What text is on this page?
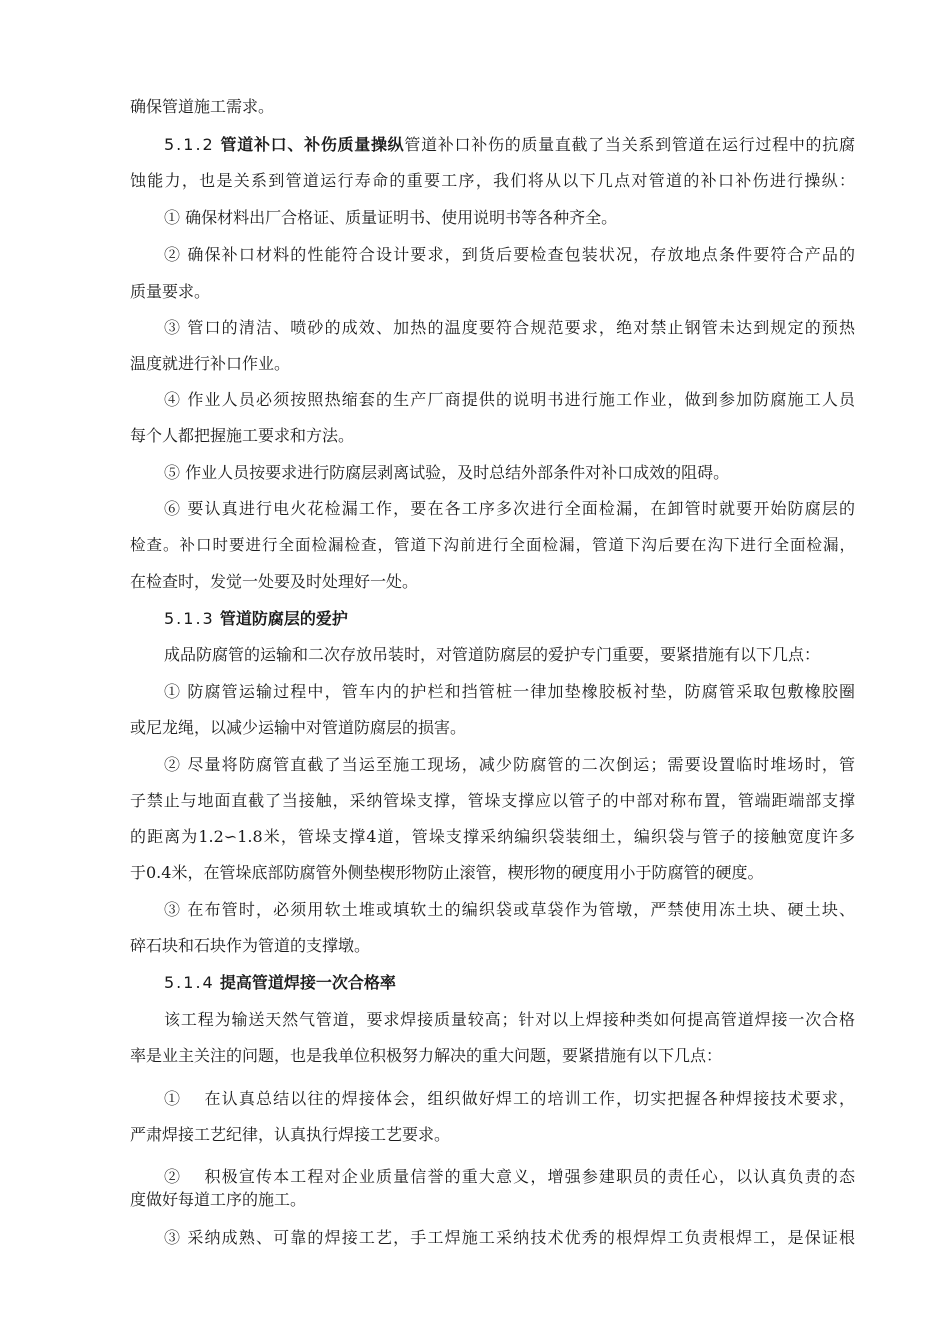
确保管道施工需求。
5.1.2 管道补口、补伤质量操纵管道补口补伤的质量直截了当关系到管道在运行过程中的抗腐
蚀能力，也是关系到管道运行寿命的重要工序，我们将从以下几点对管道的补口补伤进行操纵：
① 确保材料出厂合格证、质量证明书、使用说明书等各种齐全。
② 确保补口材料的性能符合设计要求，到货后要检查包装状况，存放地点条件要符合产品的
质量要求。
③ 管口的清洁、喷砂的成效、加热的温度要符合规范要求，绝对禁止钢管未达到规定的预热
温度就进行补口作业。
④ 作业人员必须按照热缩套的生产厂商提供的说明书进行施工作业，做到参加防腐施工人员
每个人都把握施工要求和方法。
⑤ 作业人员按要求进行防腐层剥离试验，及时总结外部条件对补口成效的阻碍。
⑥ 要认真进行电火花检漏工作，要在各工序多次进行全面检漏，在卸管时就要开始防腐层的
检查。补口时要进行全面检漏检查，管道下沟前进行全面检漏，管道下沟后要在沟下进行全面检漏，
在检查时，发觉一处要及时处理好一处。
5.1.3 管道防腐层的爱护
成品防腐管的运输和二次存放吊装时，对管道防腐层的爱护专门重要，要紧措施有以下几点：
① 防腐管运输过程中，管车内的护栏和挡管桩一律加垫橡胶板衬垫，防腐管采取包敷橡胶圈
或尼龙绳，以减少运输中对管道防腐层的损害。
② 尽量将防腐管直截了当运至施工现场，减少防腐管的二次倒运；需要设置临时堆场时，管
子禁止与地面直截了当接触，采纳管垛支撑，管垛支撑应以管子的中部对称布置，管端距端部支撑
的距离为1.2∽1.8米，管垛支撑4道，管垛支撑采纳编织袋装细土，编织袋与管子的接触宽度许多
于0.4米，在管垛底部防腐管外侧垫楔形物防止滚管，楔形物的硬度用小于防腐管的硬度。
③ 在布管时，必须用软土堆或填软土的编织袋或草袋作为管墩，严禁使用冻土块、硬土块、
碎石块和石块作为管道的支撑墩。
5.1.4 提高管道焊接一次合格率
该工程为输送天然气管道，要求焊接质量较高；针对以上焊接种类如何提高管道焊接一次合格
率是业主关注的问题，也是我单位积极努力解决的重大问题，要紧措施有以下几点：
①　 在认真总结以往的焊接体会，组织做好焊工的培训工作，切实把握各种焊接技术要求，
严肃焊接工艺纪律，认真执行焊接工艺要求。
②　 积极宣传本工程对企业质量信誉的重大意义，增强参建职员的责任心，以认真负责的态
度做好每道工序的施工。
③ 采纳成熟、可靠的焊接工艺，手工焊施工采纳技术优秀的根焊焊工负责根焊工，是保证根
